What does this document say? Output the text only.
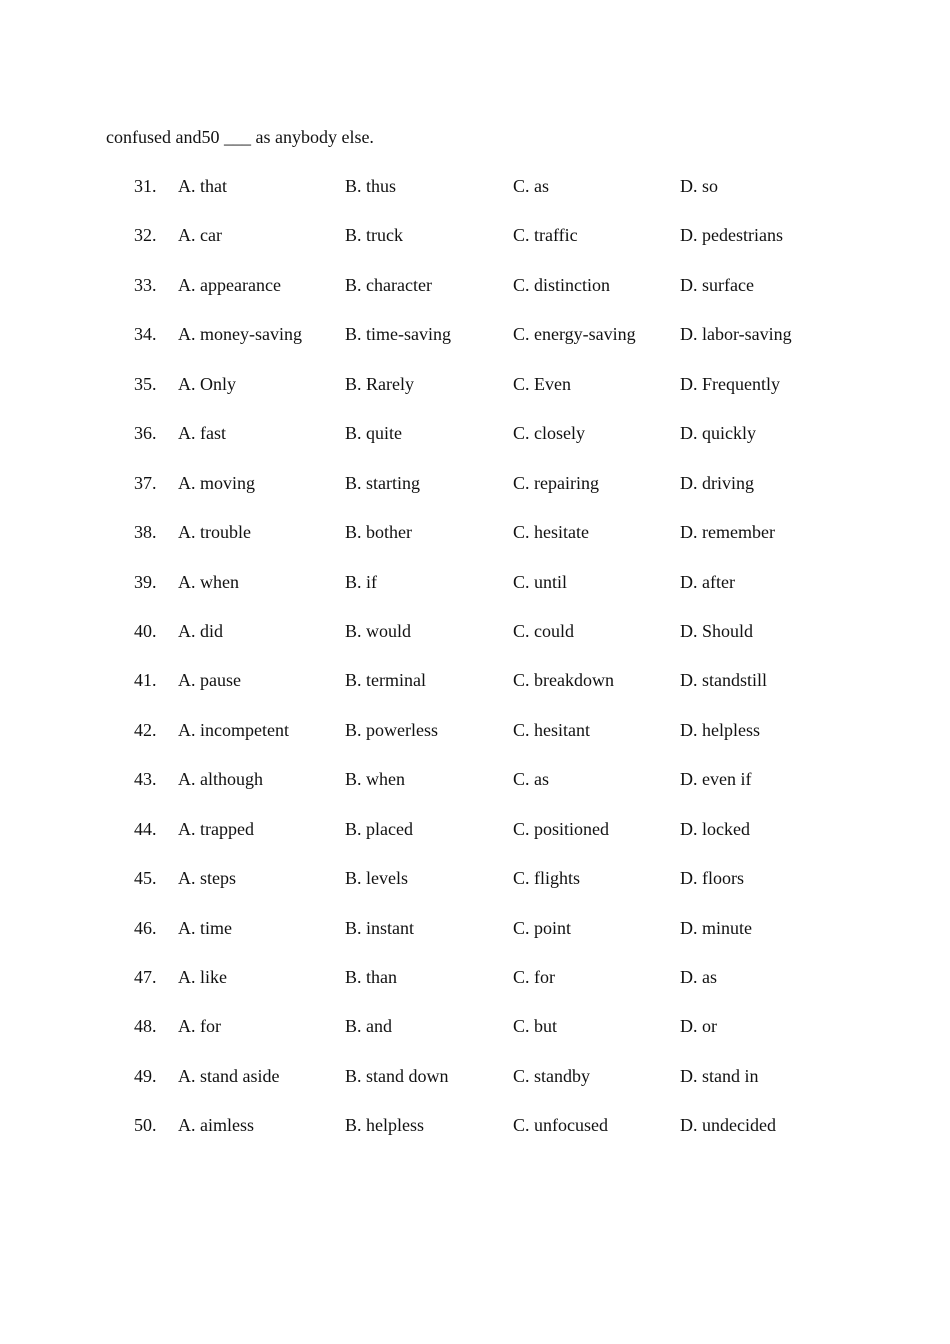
confused and50 ___ as anybody else.
31. A. that	B. thus	C. as	D. so
32. A. car	B. truck	C. traffic	D. pedestrians
33. A. appearance	B. character	C. distinction	D. surface
34. A. money-saving B. time-saving	C. energy-saving D. labor-saving
35. A. Only	B. Rarely	C. Even	D. Frequently
36. A. fast	B. quite	C. closely	D. quickly
37. A. moving	B. starting	C. repairing	D. driving
38. A. trouble	B. bother	C. hesitate	D. remember
39. A. when	B. if	C. until	D. after
40. A. did	B. would	C. could	D. Should
41. A. pause	B. terminal	C. breakdown	D. standstill
42. A. incompetent	B. powerless	C. hesitant	D. helpless
43. A. although	B. when	C. as	D. even if
44. A. trapped	B. placed	C. positioned	D. locked
45. A. steps	B. levels	C. flights	D. floors
46. A. time	B. instant	C. point	D. minute
47. A. like	B. than	C. for	D. as
48. A. for	B. and	C. but	D. or
49. A. stand aside	B. stand down	C. standby	D. stand in
50. A. aimless	B. helpless	C. unfocused	D. undecided
